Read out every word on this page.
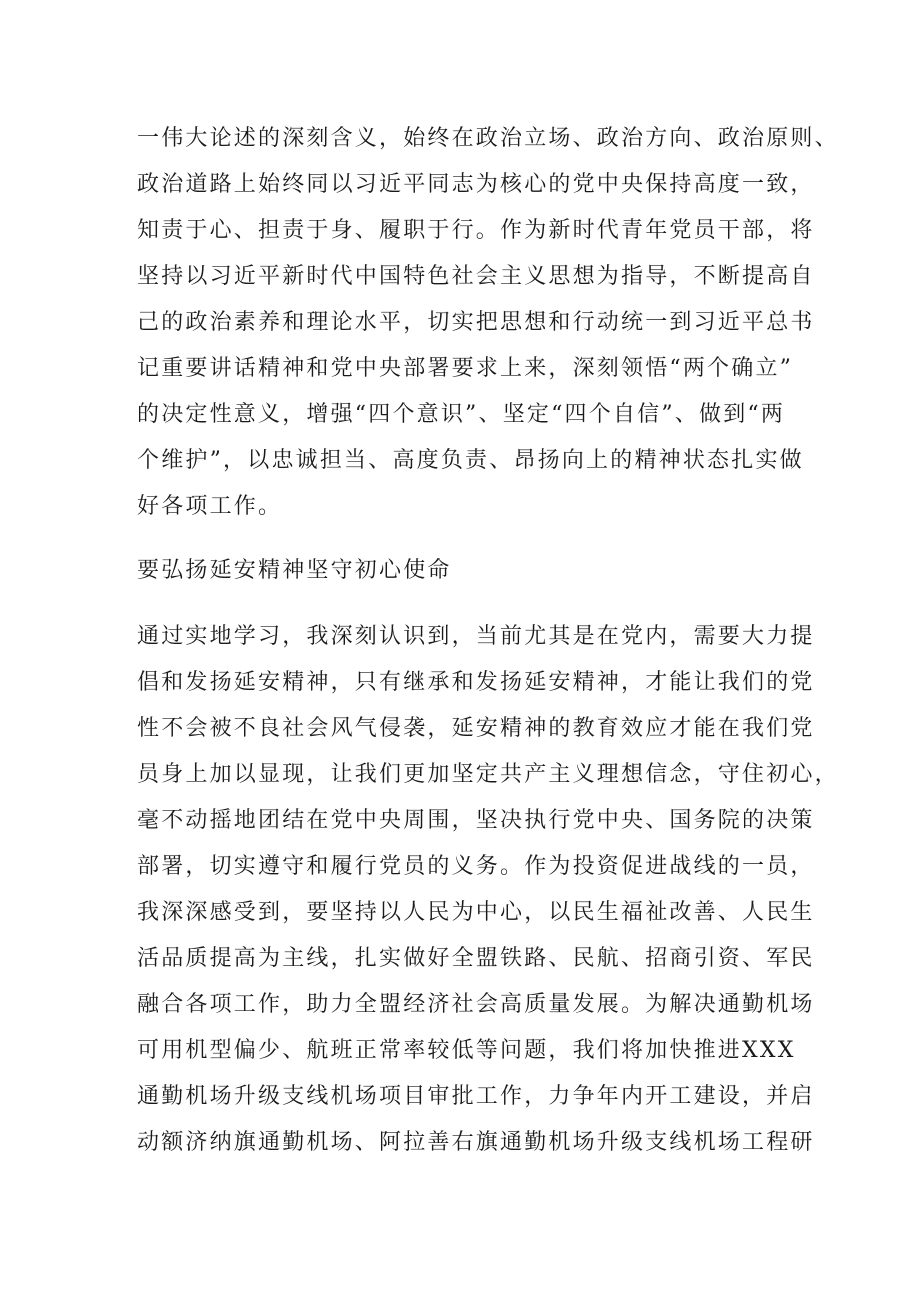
一伟大论述的深刻含义，始终在政治立场、政治方向、政治原则、
政治道路上始终同以习近平同志为核心的党中央保持高度一致，
知责于心、担责于身、履职于行。作为新时代青年党员干部，将
坚持以习近平新时代中国特色社会主义思想为指导，不断提高自
己的政治素养和理论水平，切实把思想和行动统一到习近平总书
记重要讲话精神和党中央部署要求上来，深刻领悟“两个确立”
的决定性意义，增强“四个意识”、坚定“四个自信”、做到“两
个维护”，以忠诚担当、高度负责、昂扬向上的精神状态扎实做
好各项工作。
要弘扬延安精神坚守初心使命
通过实地学习，我深刻认识到，当前尤其是在党内，需要大力提
倡和发扬延安精神，只有继承和发扬延安精神，才能让我们的党
性不会被不良社会风气侵袭，延安精神的教育效应才能在我们党
员身上加以显现，让我们更加坚定共产主义理想信念，守住初心，
毫不动摇地团结在党中央周围，坚决执行党中央、国务院的决策
部署，切实遵守和履行党员的义务。作为投资促进战线的一员，
我深深感受到，要坚持以人民为中心，以民生福祉改善、人民生
活品质提高为主线，扎实做好全盟铁路、民航、招商引资、军民
融合各项工作，助力全盟经济社会高质量发展。为解决通勤机场
可用机型偏少、航班正常率较低等问题，我们将加快推进XXX
通勤机场升级支线机场项目审批工作，力争年内开工建设，并启
动额济纳旗通勤机场、阿拉善右旗通勤机场升级支线机场工程研
